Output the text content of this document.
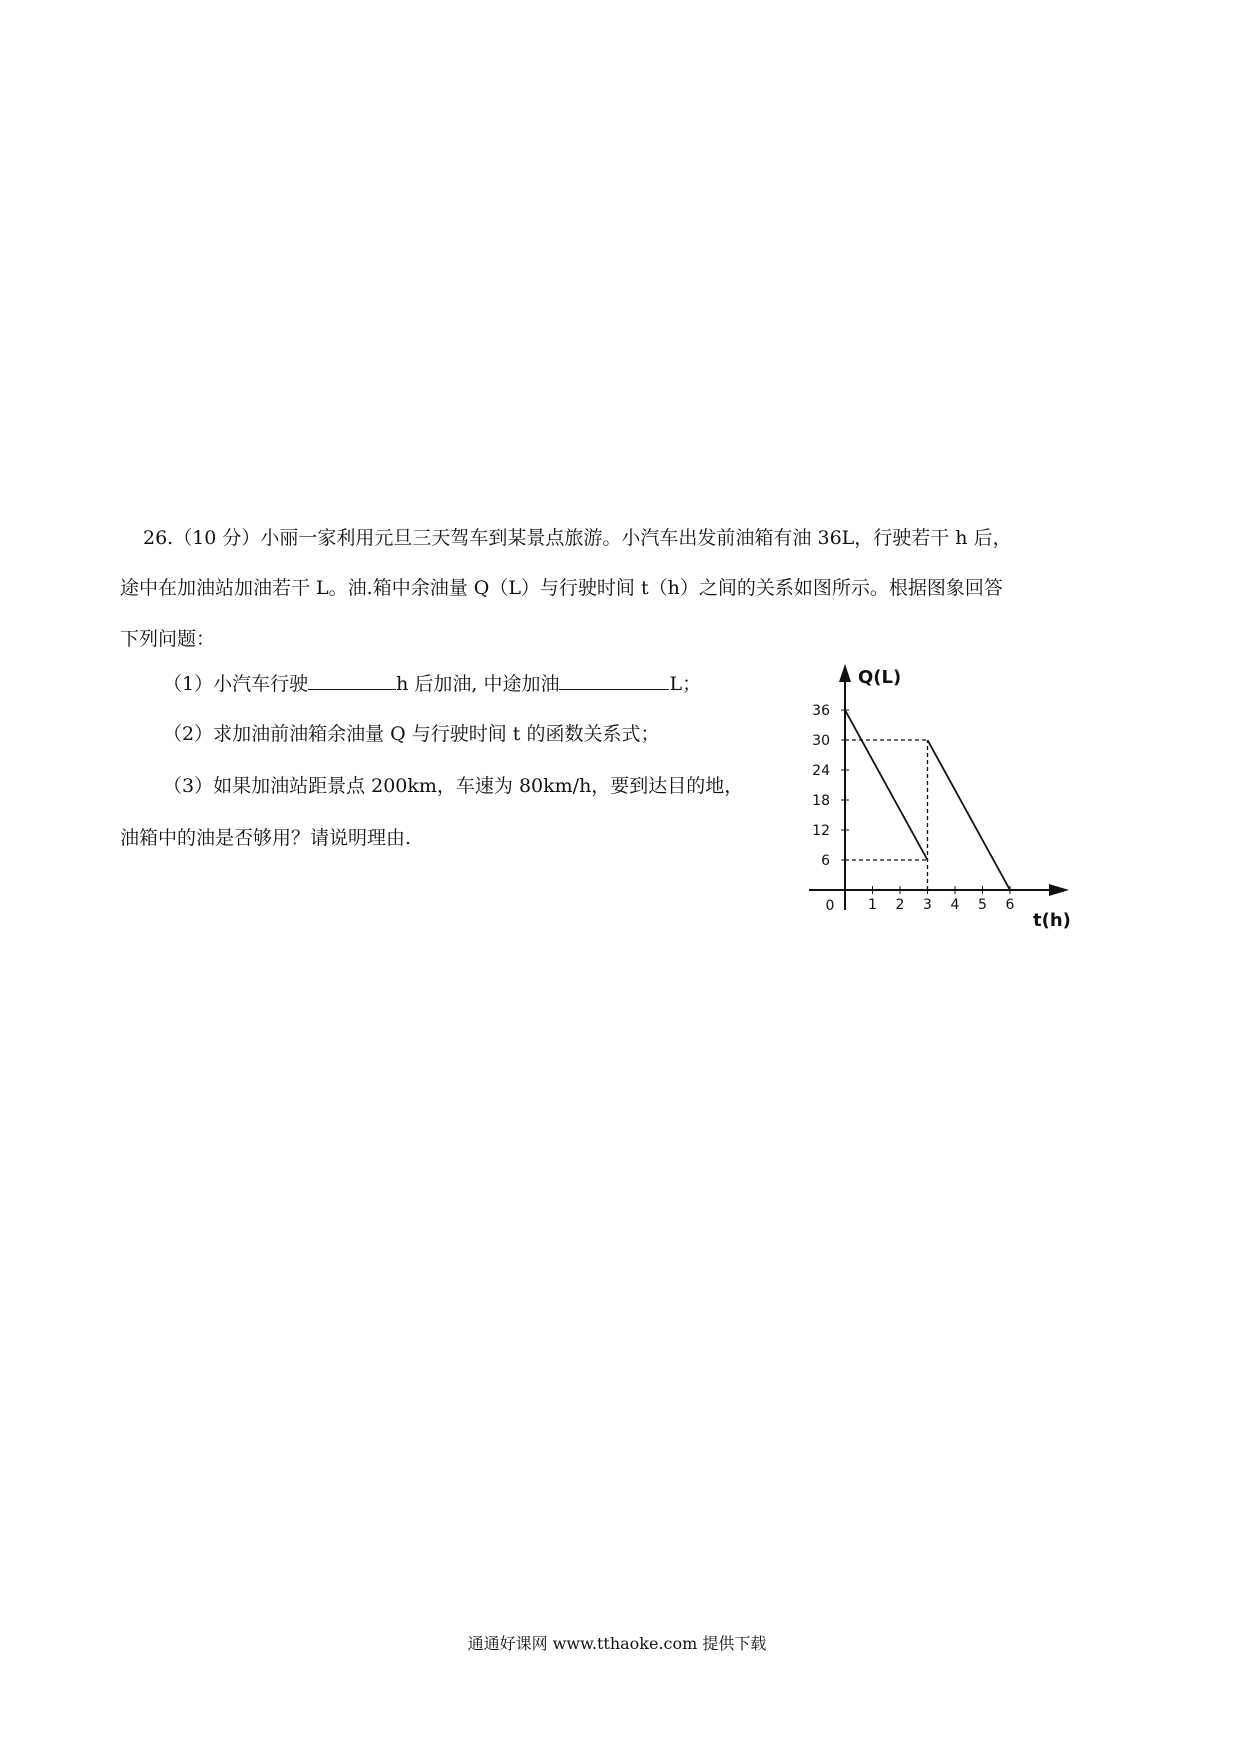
26.（10 分）小丽一家利用元旦三天驾车到某景点旅游。小汽车出发前油箱有油 36L，行驶若干 h 后，
途中在加油站加油若干 L。油.箱中余油量 Q（L）与行驶时间 t（h）之间的关系如图所示。根据图象回答
下列问题：
（1）小汽车行驶	h 后加油, 中途加油	L；
（2）求加油前油箱余油量 Q 与行驶时间 t 的函数关系式；
（3）如果加油站距景点 200km，车速为 80km/h，要到达目的地，
油箱中的油是否够用？请说明理由.
Q(L)
t(h)
0 1 2 3 4 5 6
6
12
18
24
30
36
通通好课网 www.tthaoke.com 提供下载
